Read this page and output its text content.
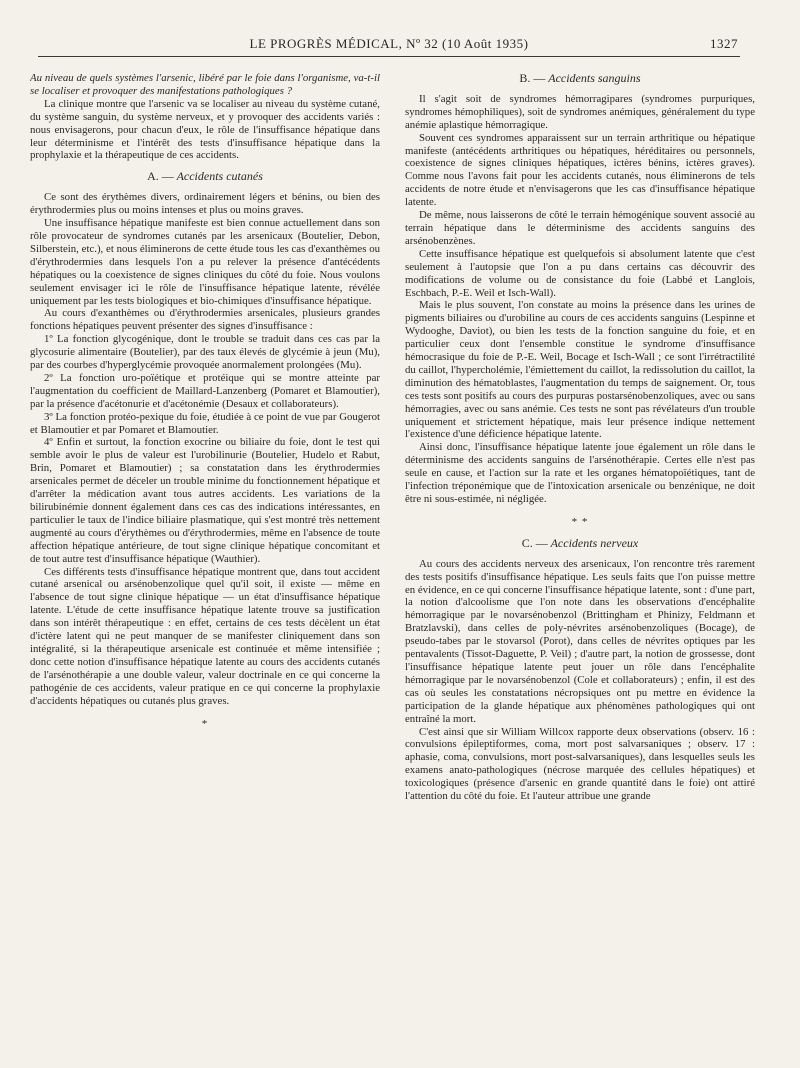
LE PROGRÈS MÉDICAL, Nº 32 (10 Août 1935)	1327

Au niveau de quels systèmes l'arsenic, libéré par le foie dans l'organisme, va-t-il se localiser et provoquer des manifestations pathologiques ?

La clinique montre que l'arsenic va se localiser au niveau du système cutané, du système sanguin, du système nerveux, et y provoquer des accidents variés : nous envisagerons, pour chacun d'eux, le rôle de l'insuffisance hépatique dans leur déterminisme et l'intérêt des tests d'insuffisance hépatique dans la prophylaxie et la thérapeutique de ces accidents.

A. — Accidents cutanés

Ce sont des érythèmes divers, ordinairement légers et bénins, ou bien des érythrodermies plus ou moins intenses et plus ou moins graves.

Une insuffisance hépatique manifeste est bien connue actuellement dans son rôle provocateur de syndromes cutanés par les arsenicaux (Boutelier, Debon, Silberstein, etc.), et nous éliminerons de cette étude tous les cas d'exanthèmes ou d'érythrodermies dans lesquels l'on a pu relever la présence d'antécédents hépatiques ou la coexistence de signes cliniques du côté du foie. Nous voulons seulement envisager ici le rôle de l'insuffisance hépatique latente, révélée uniquement par les tests biologiques et bio-chimiques d'insuffisance hépatique.

Au cours d'exanthèmes ou d'érythrodermies arsenicales, plusieurs grandes fonctions hépatiques peuvent présenter des signes d'insuffisance :

1º La fonction glycogénique, dont le trouble se traduit dans ces cas par la glycosurie alimentaire (Boutelier), par des taux élevés de glycémie à jeun (Mu), par des courbes d'hyperglycémie provoquée anormalement prolongées (Mu).

2º La fonction uro-poïétique et protéique qui se montre atteinte par l'augmentation du coefficient de Maillard-Lanzenberg (Pomaret et Blamoutier), par la présence d'acétonurie et d'acétonémie (Desaux et collaborateurs).

3º La fonction protéo-pexique du foie, étudiée à ce point de vue par Gougerot et Blamoutier et par Pomaret et Blamoutier.

4º Enfin et surtout, la fonction exocrine ou biliaire du foie, dont le test qui semble avoir le plus de valeur est l'urobilinurie (Boutelier, Hudelo et Rabut, Brin, Pomaret et Blamoutier) ; sa constatation dans les érythrodermies arsenicales permet de déceler un trouble minime du fonctionnement hépatique et d'arrêter la médication avant tous autres accidents. Les variations de la bilirubinémie donnent également dans ces cas des indications intéressantes, en particulier le taux de l'indice biliaire plasmatique, qui s'est montré très nettement augmenté au cours d'érythèmes ou d'érythrodermies, même en l'absence de toute affection hépatique antérieure, de tout signe clinique hépatique concomitant et de tout autre test d'insuffisance hépatique (Wauthier).

Ces différents tests d'insuffisance hépatique montrent que, dans tout accident cutané arsenical ou arsénobenzolique quel qu'il soit, il existe — même en l'absence de tout signe clinique hépatique — un état d'insuffisance hépatique latente. L'étude de cette insuffisance hépatique latente trouve sa justification dans son intérêt thérapeutique : en effet, certains de ces tests décèlent un état d'ictère latent qui ne peut manquer de se manifester cliniquement dans son intégralité, si la thérapeutique arsenicale est continuée et même intensifiée ; donc cette notion d'insuffisance hépatique latente au cours des accidents cutanés de l'arsénothérapie a une double valeur, valeur doctrinale en ce qui concerne la pathogénie de ces accidents, valeur pratique en ce qui concerne la prophylaxie d'accidents hépatiques ou cutanés plus graves.

*
B. — Accidents sanguins

Il s'agit soit de syndromes hémorragipares (syndromes purpuriques, syndromes hémophiliques), soit de syndromes anémiques, généralement du type anémie aplastique hémorragique.

Souvent ces syndromes apparaissent sur un terrain arthritique ou hépatique manifeste (antécédents arthritiques ou hépatiques, héréditaires ou personnels, coexistence de signes cliniques hépatiques, ictères bénins, ictères graves). Comme nous l'avons fait pour les accidents cutanés, nous éliminerons de tels accidents de notre étude et n'envisagerons que les cas d'insuffisance hépatique latente.

De même, nous laisserons de côté le terrain hémogénique souvent associé au terrain hépatique dans le déterminisme des accidents sanguins des arsénobenzènes.

Cette insuffisance hépatique est quelquefois si absolument latente que c'est seulement à l'autopsie que l'on a pu dans certains cas découvrir des modifications de volume ou de consistance du foie (Labbé et Langlois, Eschbach, P.-E. Weil et Isch-Wall).

Mais le plus souvent, l'on constate au moins la présence dans les urines de pigments biliaires ou d'urobiline au cours de ces accidents sanguins (Lespinne et Wydooghe, Daviot), ou bien les tests de la fonction sanguine du foie, et en particulier ceux dont l'ensemble constitue le syndrome d'insuffisance hémocrasique du foie de P.-E. Weil, Bocage et Isch-Wall ; ce sont l'irrétractilité du caillot, l'hypercholémie, l'émiettement du caillot, la redissolution du caillot, la diminution des hématoblastes, l'augmentation du temps de saignement. Or, tous ces tests sont positifs au cours des purpuras postarsénobenzoliques, avec ou sans hémorragies, avec ou sans anémie. Ces tests ne sont pas révélateurs d'un trouble uniquement et strictement hépatique, mais leur présence indique nettement l'existence d'une déficience hépatique latente.

Ainsi donc, l'insuffisance hépatique latente joue également un rôle dans le déterminisme des accidents sanguins de l'arsénothérapie. Certes elle n'est pas seule en cause, et l'action sur la rate et les organes hématopoïétiques, tant de l'infection tréponémique que de l'intoxication arsenicale ou benzénique, ne doit être ni sous-estimée, ni négligée.

* *
C. — Accidents nerveux

Au cours des accidents nerveux des arsenicaux, l'on rencontre très rarement des tests positifs d'insuffisance hépatique. Les seuls faits que l'on puisse mettre en évidence, en ce qui concerne l'insuffisance hépatique latente, sont : d'une part, la notion d'alcoolisme que l'on note dans les observations d'encéphalite hémorragique par le novarsénobenzol (Brittingham et Phinizy, Feldmann et Bratzlavski), dans celles de poly-névrites arsénobenzoliques (Bocage), de pseudo-tabes par le stovarsol (Porot), dans celles de névrites optiques par les pentavalents (Tissot-Daguette, P. Veil) ; d'autre part, la notion de grossesse, dont l'insuffisance hépatique latente peut jouer un rôle dans l'encéphalite hémorragique par le novarsénobenzol (Cole et collaborateurs) ; enfin, il est des cas où seules les constatations nécropsiques ont pu mettre en évidence la participation de la glande hépatique aux phénomènes pathologiques qui ont entraîné la mort.

C'est ainsi que sir William Willcox rapporte deux observations (observ. 16 : convulsions épileptiformes, coma, mort post salvarsaniques ; observ. 17 : aphasie, coma, convulsions, mort post-salvarsaniques), dans lesquelles seuls les examens anato-pathologiques (nécrose marquée des cellules hépatiques) et toxicologiques (présence d'arsenic en grande quantité dans le foie) ont attiré l'attention du côté du foie. Et l'auteur attribue une grande
